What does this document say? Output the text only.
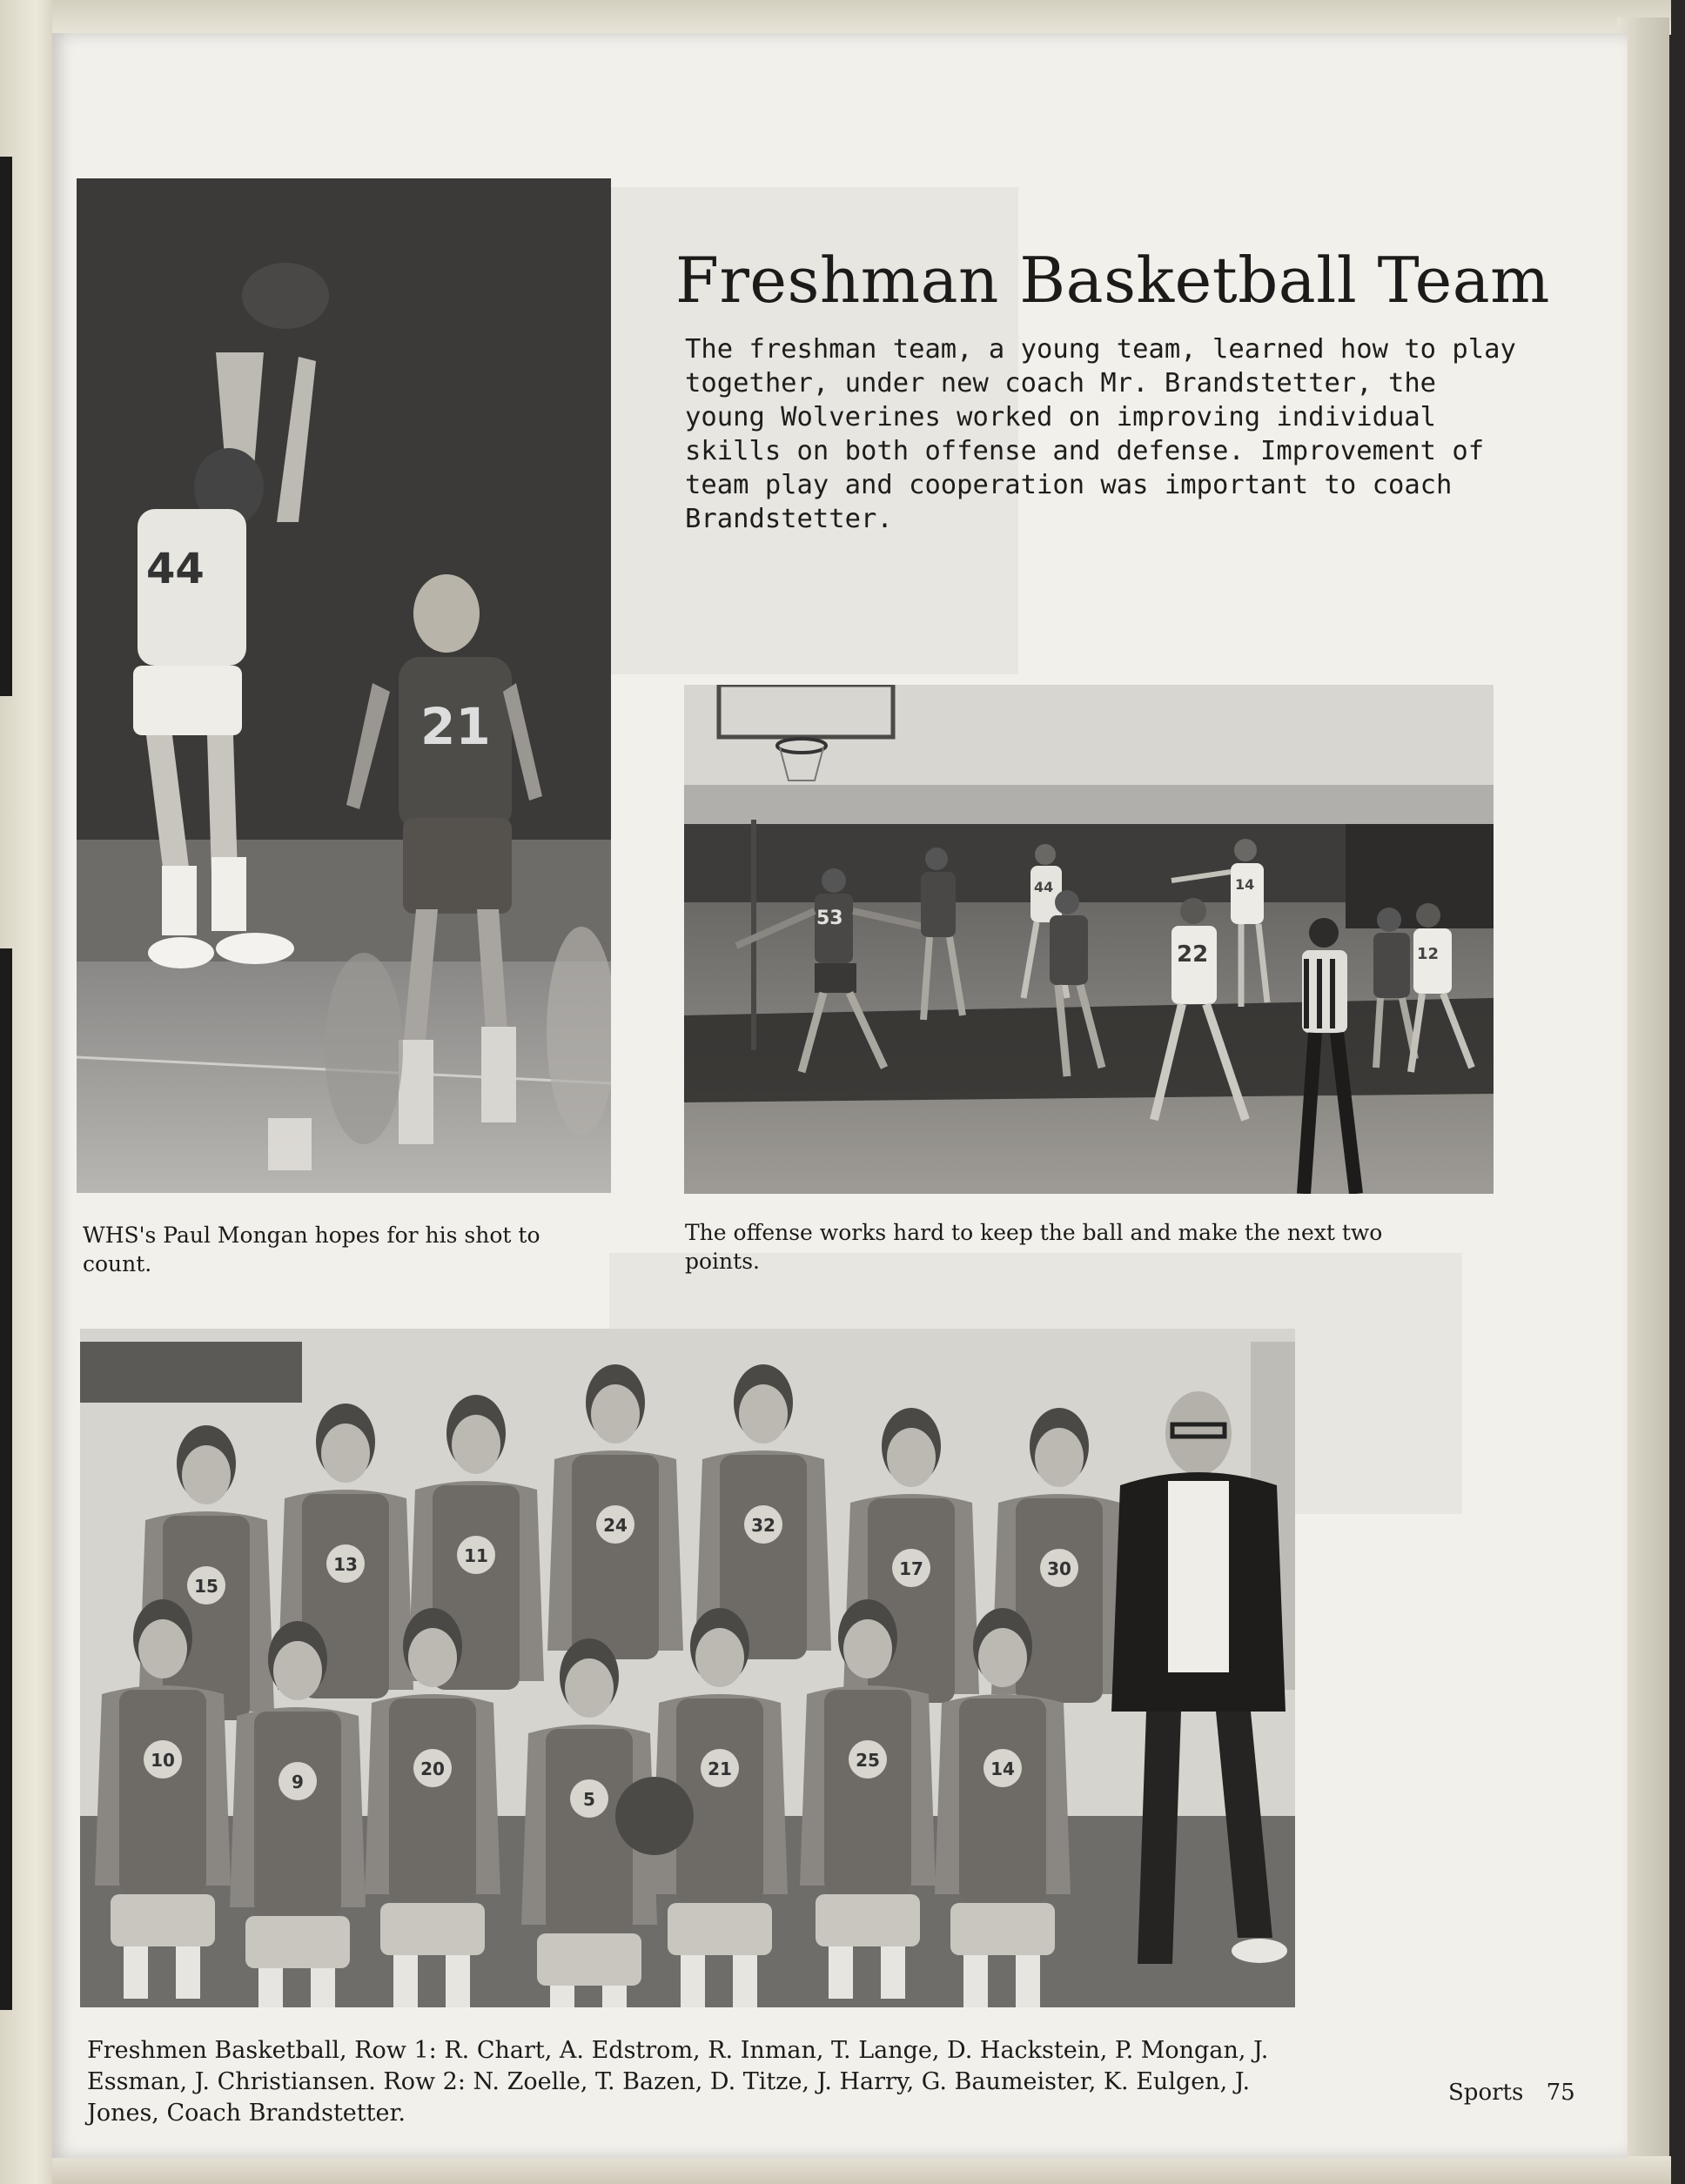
44
21
53
44
22
14
12
15
13	11
24	32
17	30
10
9
20
5
21	25	14
Freshman Basketball Team

The freshman team, a young team, learned how to play together, under new coach Mr. Brandstetter, the young Wolverines worked on improving individual skills on both offense and defense. Improvement of team play and cooperation was important to coach Brandstetter.

WHS's Paul Mongan hopes for his shot to count.

The offense works hard to keep the ball and make the next two points.

Freshmen Basketball, Row 1: R. Chart, A. Edstrom, R. Inman, T. Lange, D. Hackstein, P. Mongan, J. Essman, J. Christiansen. Row 2: N. Zoelle, T. Bazen, D. Titze, J. Harry, G. Baumeister, K. Eulgen, J. Jones, Coach Brandstetter.

Sports 75
